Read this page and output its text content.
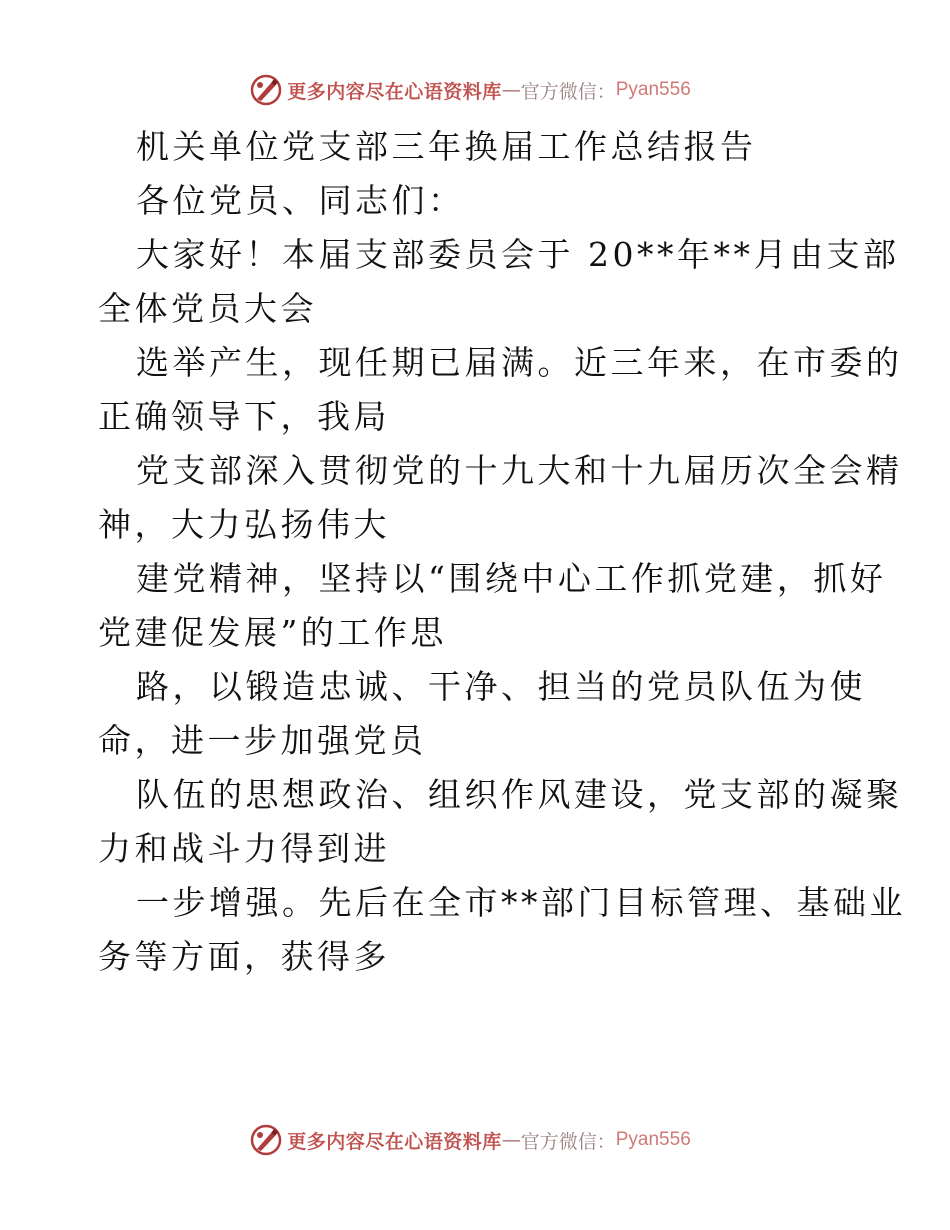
更多内容尽在心语资料库 — 官方微信： Pyan556
机关单位党支部三年换届工作总结报告
各位党员、同志们：
大家好！本届支部委员会于 20**年**月由支部
全体党员大会
选举产生，现任期已届满。近三年来，在市委的
正确领导下，我局
党支部深入贯彻党的十九大和十九届历次全会精
神，大力弘扬伟大
建党精神，坚持以“围绕中心工作抓党建，抓好
党建促发展”的工作思
路，以锻造忠诚、干净、担当的党员队伍为使
命，进一步加强党员
队伍的思想政治、组织作风建设，党支部的凝聚
力和战斗力得到进
一步增强。先后在全市**部门目标管理、基础业
务等方面，获得多
更多内容尽在心语资料库 — 官方微信： Pyan556
